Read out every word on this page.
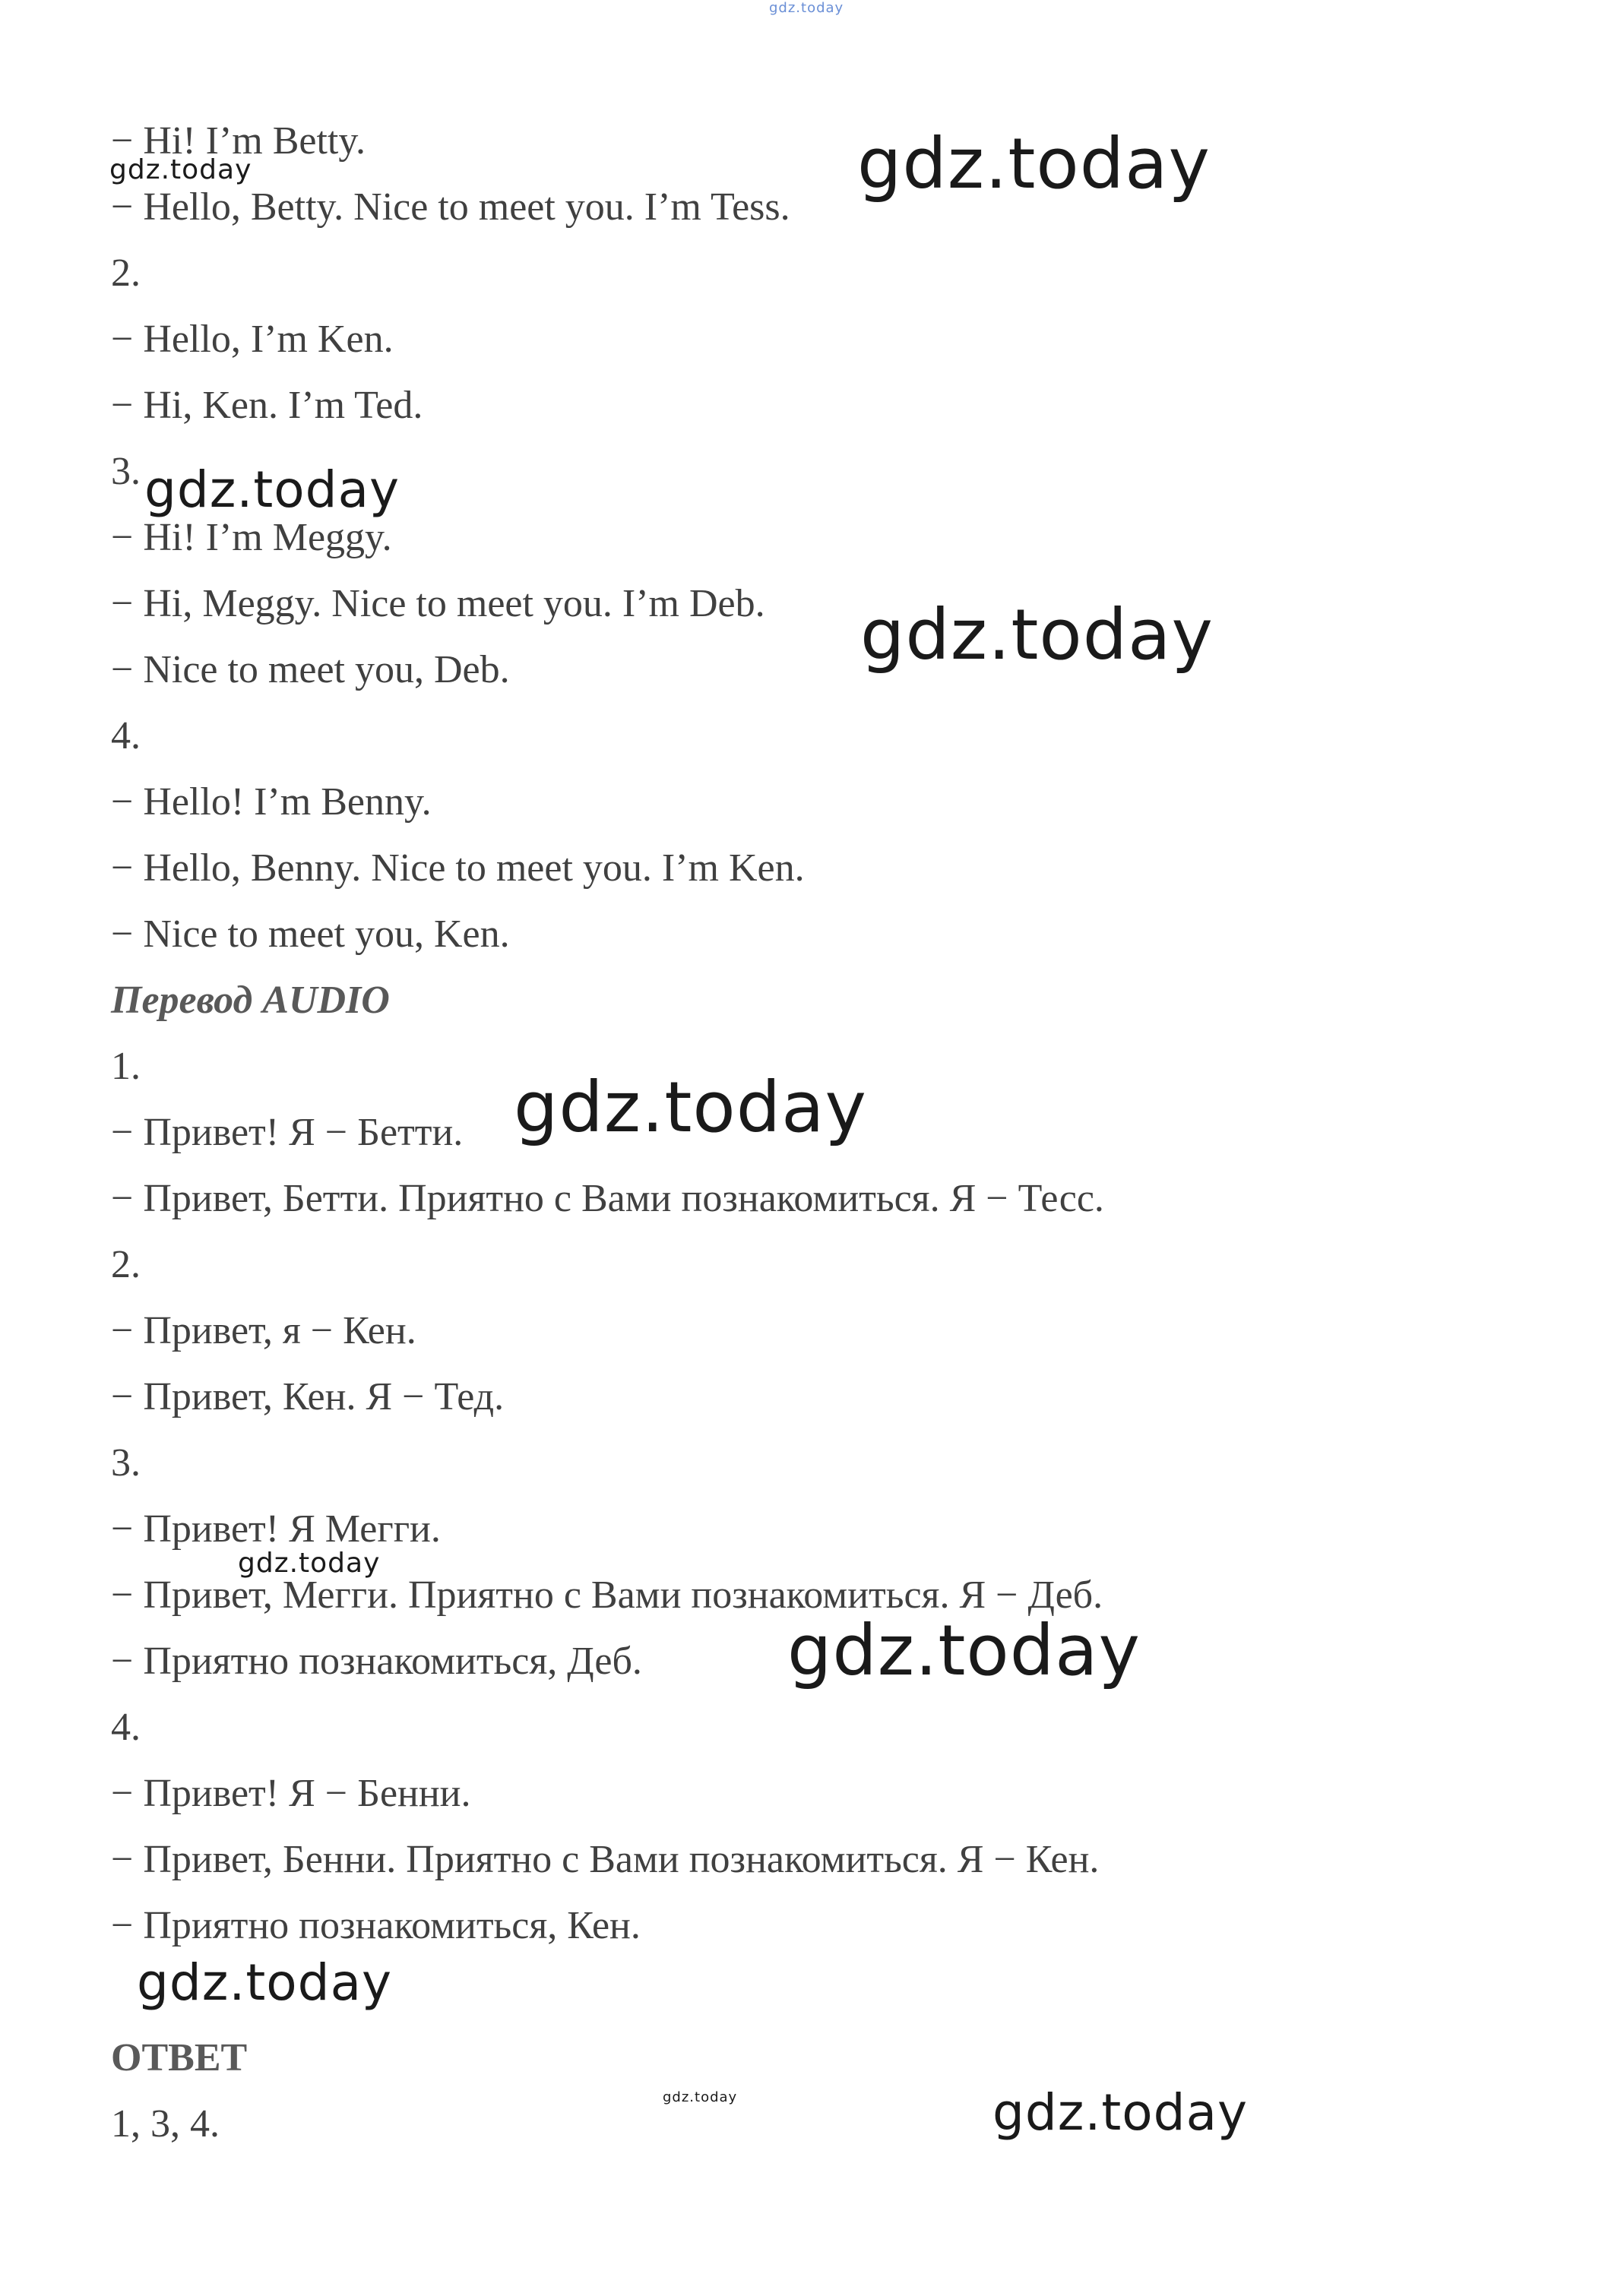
gdz.today
− Hi! I’m Betty.
− Hello, Betty. Nice to meet you. I’m Tess.
2.
− Hello, I’m Ken.
− Hi, Ken. I’m Ted.
3.
− Hi! I’m Meggy.
− Hi, Meggy. Nice to meet you. I’m Deb.
− Nice to meet you, Deb.
4.
− Hello! I’m Benny.
− Hello, Benny. Nice to meet you. I’m Ken.
− Nice to meet you, Ken.
Перевод AUDIO
1.
− Привет! Я − Бетти.
− Привет, Бетти. Приятно с Вами познакомиться. Я − Тесс.
2.
− Привет, я − Кен.
− Привет, Кен. Я − Тед.
3.
− Привет! Я Мегги.
− Привет, Мегги. Приятно с Вами познакомиться. Я − Деб.
− Приятно познакомиться, Деб.
4.
− Привет! Я − Бенни.
− Привет, Бенни. Приятно с Вами познакомиться. Я − Кен.
− Приятно познакомиться, Кен.
ОТВЕТ
1, 3, 4.
gdz.today
gdz.today
gdz.today
gdz.today
gdz.today
gdz.today
gdz.today
gdz.today
gdz.today	gdz.today
